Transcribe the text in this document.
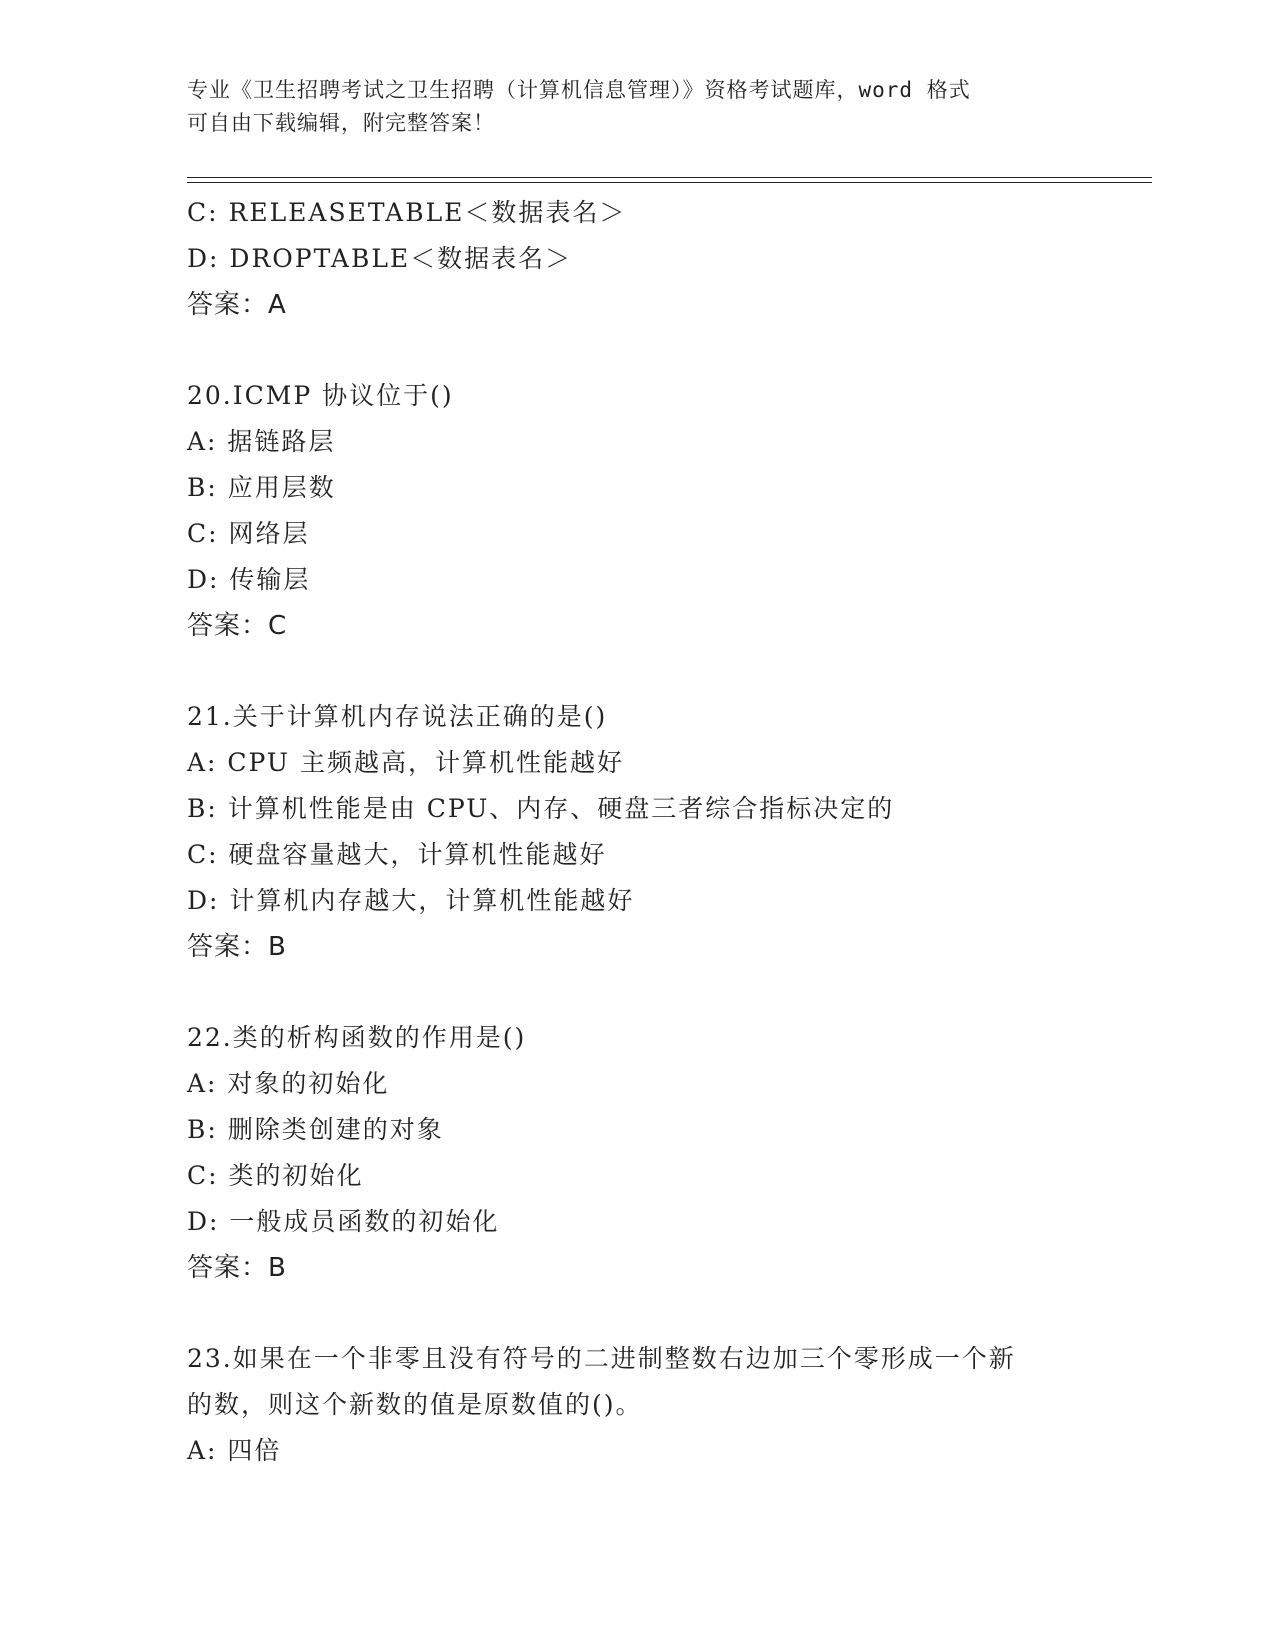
专业《卫生招聘考试之卫生招聘（计算机信息管理）》资格考试题库，word 格式
可自由下载编辑，附完整答案！
C: RELEASETABLE＜数据表名＞
D: DROPTABLE＜数据表名＞
答案：A
20.ICMP 协议位于()
A: 据链路层
B: 应用层数
C: 网络层
D: 传输层
答案：C
21.关于计算机内存说法正确的是()
A: CPU 主频越高，计算机性能越好
B: 计算机性能是由 CPU、内存、硬盘三者综合指标决定的
C: 硬盘容量越大，计算机性能越好
D: 计算机内存越大，计算机性能越好
答案：B
22.类的析构函数的作用是()
A: 对象的初始化
B: 删除类创建的对象
C: 类的初始化
D: 一般成员函数的初始化
答案：B
23.如果在一个非零且没有符号的二进制整数右边加三个零形成一个新
的数，则这个新数的值是原数值的()。
A: 四倍
